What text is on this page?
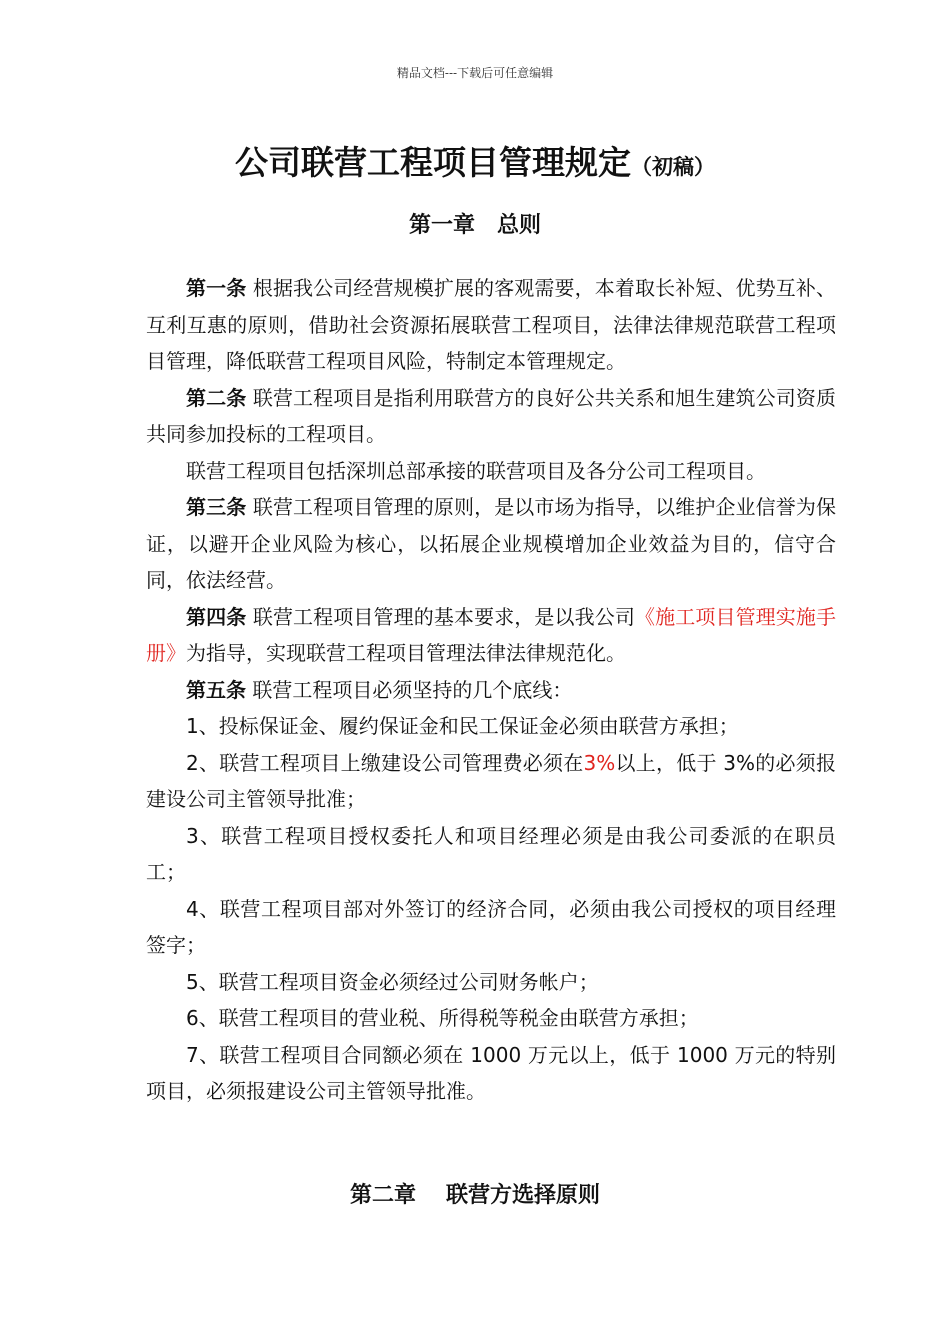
精品文档---下载后可任意编辑
公司联营工程项目管理规定（初稿）
第一章 总则

第一条 根据我公司经营规模扩展的客观需要，本着取长补短、优势互补、互利互惠的原则，借助社会资源拓展联营工程项目，法律法律规范联营工程项目管理，降低联营工程项目风险，特制定本管理规定。

第二条 联营工程项目是指利用联营方的良好公共关系和旭生建筑公司资质共同参加投标的工程项目。

联营工程项目包括深圳总部承接的联营项目及各分公司工程项目。

第三条 联营工程项目管理的原则，是以市场为指导，以维护企业信誉为保证，以避开企业风险为核心，以拓展企业规模增加企业效益为目的，信守合同，依法经营。

第四条 联营工程项目管理的基本要求，是以我公司《施工项目管理实施手册》为指导，实现联营工程项目管理法律法律规范化。

第五条 联营工程项目必须坚持的几个底线：

1、投标保证金、履约保证金和民工保证金必须由联营方承担；

2、联营工程项目上缴建设公司管理费必须在3%以上，低于 3%的必须报建设公司主管领导批准；

3、联营工程项目授权委托人和项目经理必须是由我公司委派的在职员工；

4、联营工程项目部对外签订的经济合同，必须由我公司授权的项目经理签字；

5、联营工程项目资金必须经过公司财务帐户；

6、联营工程项目的营业税、所得税等税金由联营方承担；

7、联营工程项目合同额必须在 1000 万元以上，低于 1000 万元的特别项目，必须报建设公司主管领导批准。

第二章 联营方选择原则
